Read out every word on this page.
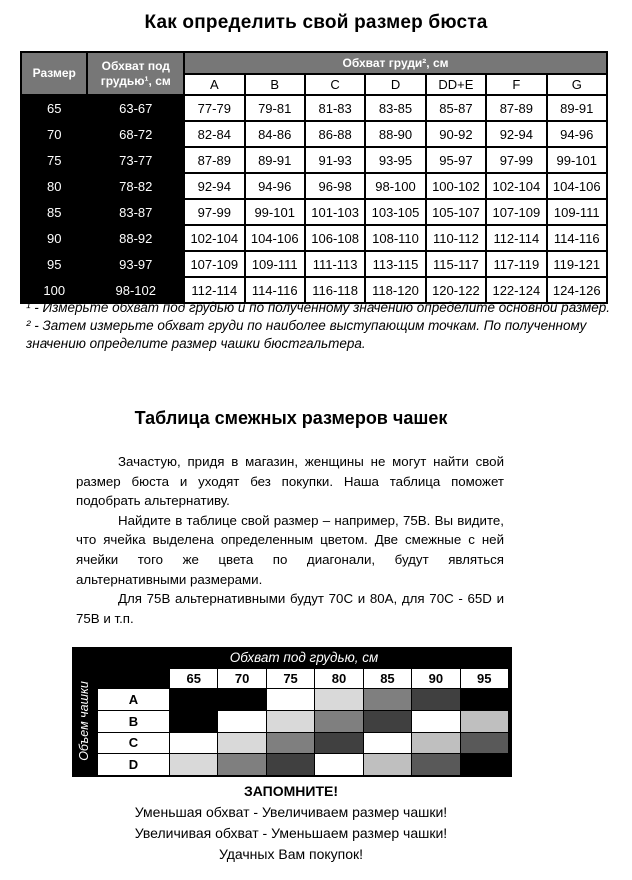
Как определить свой размер бюста
Размер	Обхват под
грудью¹, см	Обхват груди², см						
		A	B	C	D	DD+E	F	G
65	63-67	77-79	79-81	81-83	83-85	85-87	87-89	89-91
70	68-72	82-84	84-86	86-88	88-90	90-92	92-94	94-96
75	73-77	87-89	89-91	91-93	93-95	95-97	97-99	99-101
80	78-82	92-94	94-96	96-98	98-100	100-102	102-104	104-106
85	83-87	97-99	99-101	101-103	103-105	105-107	107-109	109-111
90	88-92	102-104	104-106	106-108	108-110	110-112	112-114	114-116
95	93-97	107-109	109-111	111-113	113-115	115-117	117-119	119-121
100	98-102	112-114	114-116	116-118	118-120	120-122	122-124	124-126

¹ - Измерьте обхват под грудью и по полученному значению определите основной размер.

² - Затем измерьте обхват груди по наиболее выступающим точкам. По полученному значению определите размер чашки бюстгальтера.

Таблица смежных размеров чашек

Зачастую, придя в магазин, женщины не могут найти свой размер бюста и уходят без покупки. Наша таблица поможет подобрать альтернативу.

Найдите в таблице свой размер – например, 75В. Вы видите, что ячейка выделена определенным цветом. Две смежные с ней ячейки того же цвета по диагонали, будут являться альтернативными размерами.

Для 75В альтернативными будут 70С и 80А, для 70С - 65D и 75В и т.п.

Обхват под грудью, см
Объем чашки
65	70	75	80	85	90	95
A
B
C
D
ЗАПОМНИТЕ!
Уменьшая обхват - Увеличиваем размер чашки!
Увеличивая обхват - Уменьшаем размер чашки!
Удачных Вам покупок!
